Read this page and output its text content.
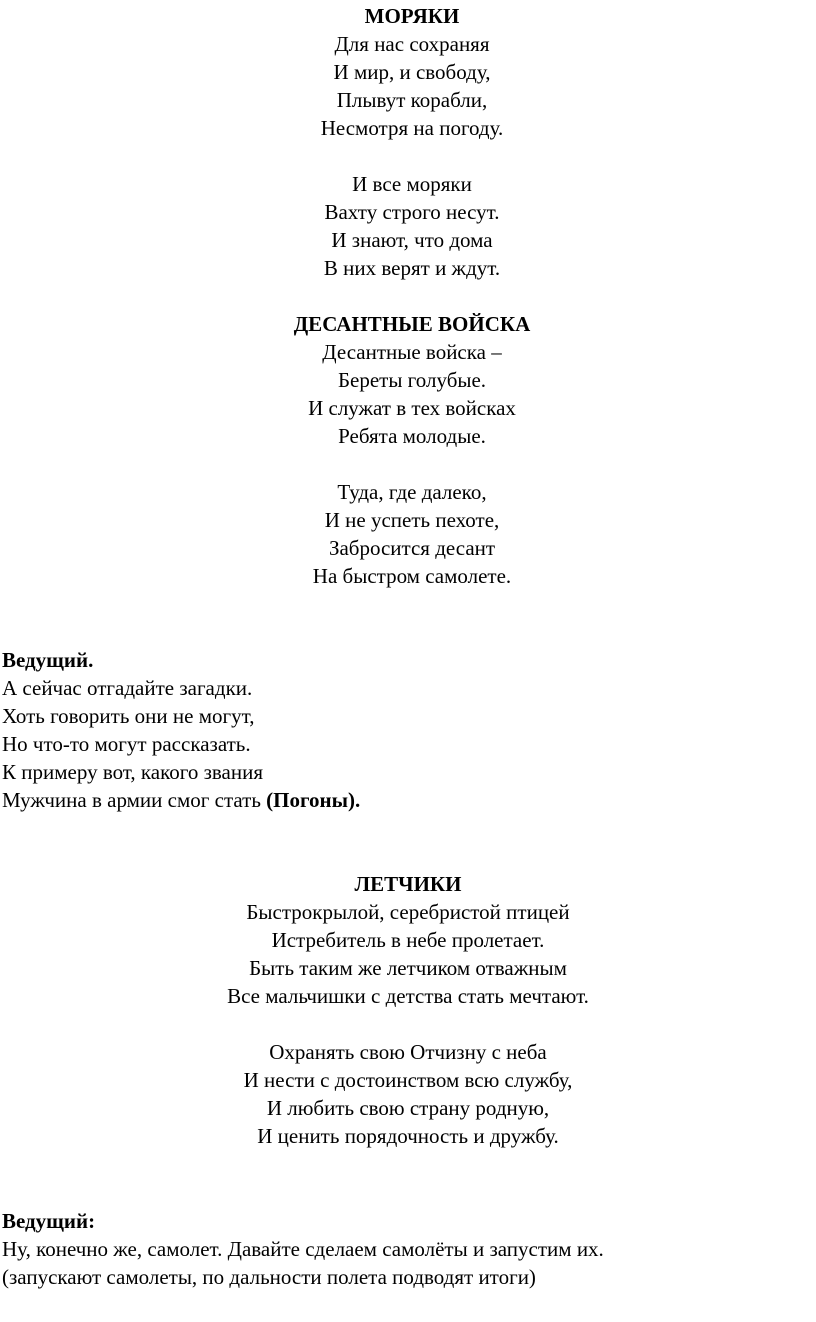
МОРЯКИ
Для нас сохраняя
И мир, и свободу,
Плывут корабли,
Несмотря на погоду.
И все моряки
Вахту строго несут.
И знают, что дома
В них верят и ждут.
ДЕСАНТНЫЕ ВОЙСКА
Десантные войска –
Береты голубые.
И служат в тех войсках
Ребята молодые.
Туда, где далеко,
И не успеть пехоте,
Забросится десант
На быстром самолете.
Ведущий.
А сейчас отгадайте загадки.
Хоть говорить они не могут,
Но что-то могут рассказать.
К примеру вот, какого звания
Мужчина в армии смог стать (Погоны).
ЛЕТЧИКИ
Быстрокрылой, серебристой птицей
Истребитель в небе пролетает.
Быть таким же летчиком отважным
Все мальчишки с детства стать мечтают.
Охранять свою Отчизну с неба
И нести с достоинством всю службу,
И любить свою страну родную,
И ценить порядочность и дружбу.
Ведущий:
Ну, конечно же, самолет. Давайте сделаем самолёты и запустим их.
(запускают самолеты, по дальности полета подводят итоги)
